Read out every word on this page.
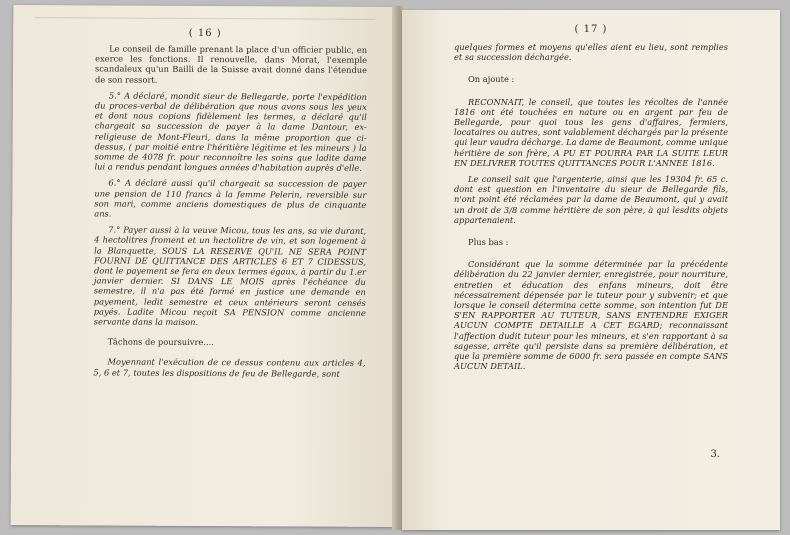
( 16 )

Le conseil de famille prenant la place d'un officier public, en exerce les fonctions. Il renouvelle, dans Morat, l'exemple scandaleux qu'un Bailli de la Suisse avait donné dans l'étendue de son ressort.

5.° A déclaré, mondit sieur de Bellegarde, porte l'expédition du proces-verbal de délibération que nous avons sous les yeux et dont nous copions fidèlement les termes, a déclaré qu'il chargeait sa succession de payer à la dame Dantour, ex-religieuse de Mont-Fleuri, dans la même proportion que ci-dessus, ( par moitié entre l'héritière légitime et les mineurs ) la somme de 4078 fr. pour reconnoître les soins que ladite dame lui a rendus pendant longues années d'habitation auprès d'elle.

6.° A déclaré aussi qu'il chargeait sa succession de payer une pension de 110 francs à la femme Pelerin, reversible sur son mari, comme anciens domestiques de plus de cinquante ans.

7.° Payer aussi à la veuve Micou, tous les ans, sa vie durant, 4 hectolitres froment et un hectolitre de vin, et son logement à la Blanquette, SOUS LA RESERVE QU'IL NE SERA POINT FOURNI DE QUITTANCE DES ARTICLES 6 ET 7 CIDESSUS, dont le payement se fera en deux termes égaux, à partir du 1.er janvier dernier. SI DANS LE MOIS après l'échéance du semestre, il n'a pas été formé en justice une demande en payement, ledit semestre et ceux antérieurs seront censés payés. Ladite Micou reçoit SA PENSION comme ancienne servante dans la maison.

Tâchons de poursuivre....

Moyennant l'exécution de ce dessus contenu aux articles 4, 5, 6 et 7, toutes les dispositions de feu de Bellegarde, sont

( 17 )

quelques formes et moyens qu'elles aient eu lieu, sont remplies et sa succession déchargée.

On ajoute :

RECONNAIT, le conseil, que toutes les récoltes de l'année 1816 ont été touchées en nature ou en argent par feu de Bellegarde, pour quoi tous les gens d'affaires, fermiers, locataires ou autres, sont valablement déchargés par la présente qui leur vaudra décharge. La dame de Beaumont, comme unique héritière de son frère, A PU ET POURRA PAR LA SUITE LEUR EN DELIVRER TOUTES QUITTANCES POUR L'ANNEE 1816.

Le conseil sait que l'argenterie, ainsi que les 19304 fr. 65 c. dont est question en l'inventaire du sieur de Bellegarde fils, n'ont point été réclamées par la dame de Beaumont, qui y avait un droit de 3/8 comme héritière de son père, à qui lesdits objets appartenaient.

Plus bas :

Considérant que la somme déterminée par la précédente délibération du 22 janvier dernier, enregistrée, pour nourriture, entretien et éducation des enfans mineurs, doit être nécessairement dépensée par le tuteur pour y subvenir; et que lorsque le conseil détermina cette somme, son intention fut DE S'EN RAPPORTER AU TUTEUR, SANS ENTENDRE EXIGER AUCUN COMPTE DETAILLE A CET EGARD; reconnaissant l'affection dudit tuteur pour les mineurs, et s'en rapportant à sa sagesse, arrête qu'il persiste dans sa première délibération, et que la première somme de 6000 fr. sera passée en compte SANS AUCUN DETAIL.

3.
